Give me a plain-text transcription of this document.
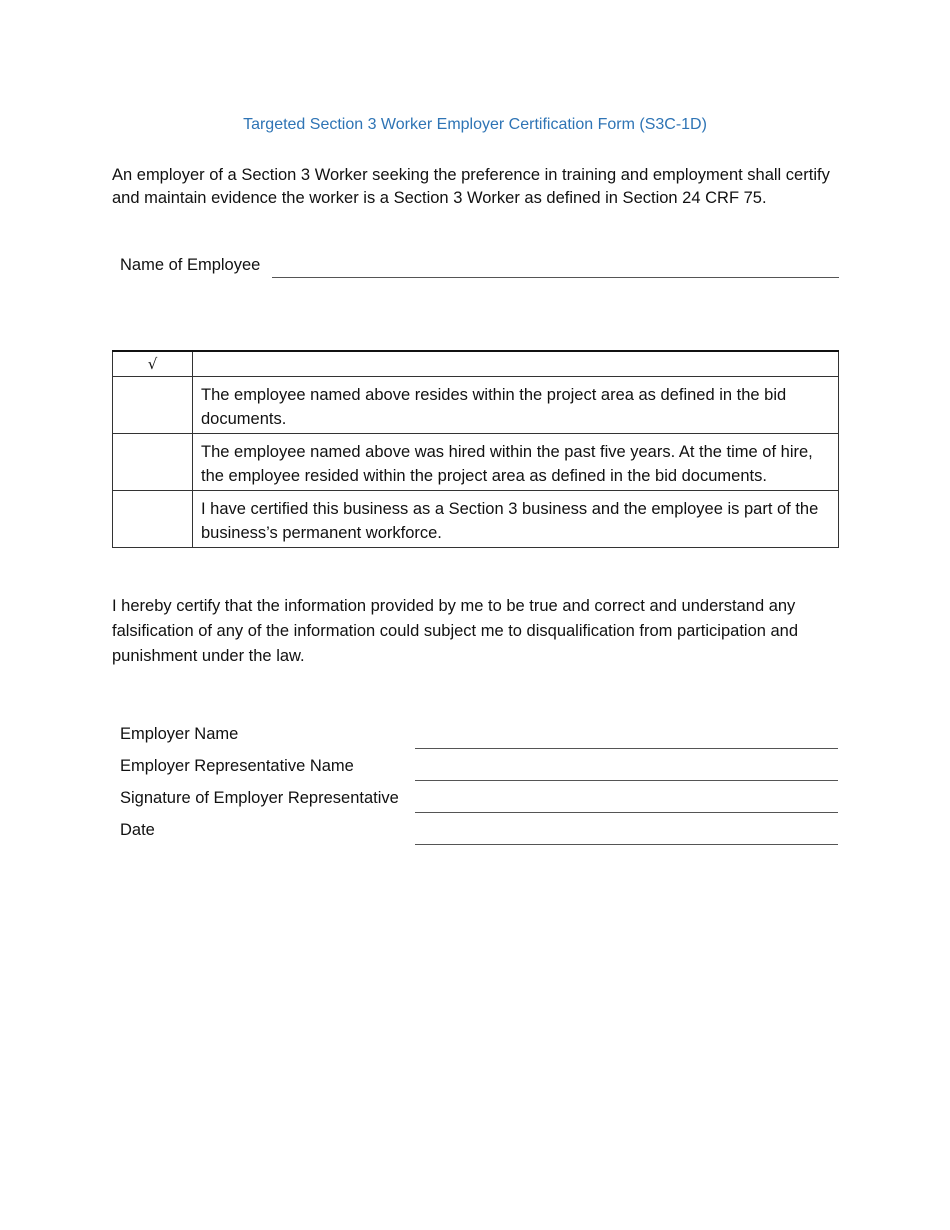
Targeted Section 3 Worker Employer Certification Form (S3C-1D)
An employer of a Section 3 Worker seeking the preference in training and employment shall certify and maintain evidence the worker is a Section 3 Worker as defined in Section 24 CRF 75.
Name of Employee
√	
	The employee named above resides within the project area as defined in the bid documents.
	The employee named above was hired within the past five years. At the time of hire, the employee resided within the project area as defined in the bid documents.
	I have certified this business as a Section 3 business and the employee is part of the business’s permanent workforce.
I hereby certify that the information provided by me to be true and correct and understand any falsification of any of the information could subject me to disqualification from participation and punishment under the law.
Employer Name
Employer Representative Name
Signature of Employer Representative
Date
